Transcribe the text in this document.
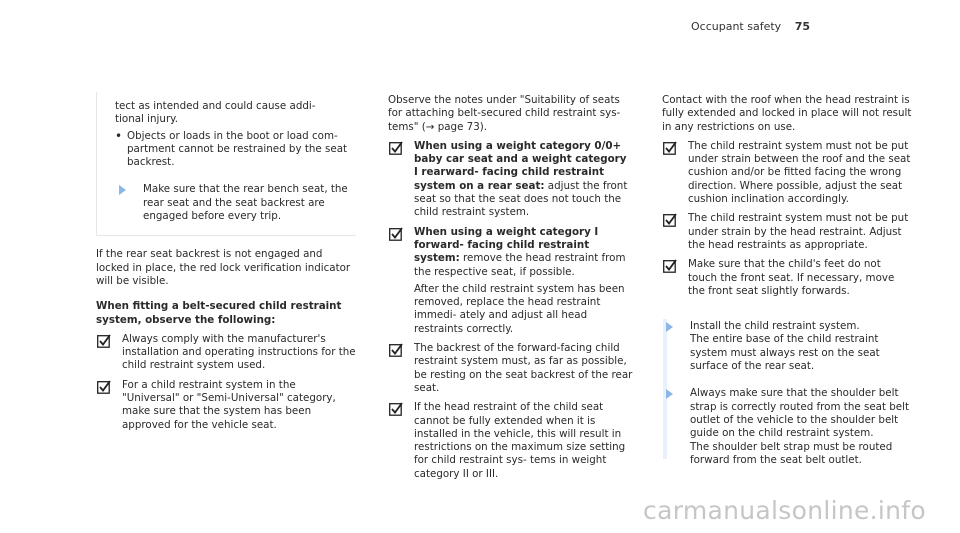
Occupant safety 75

tect as intended and could cause addi-

tional injury.

• Objects or loads in the boot or load com- partment cannot be restrained by the seat backrest.
Make sure that the rear bench seat, the rear seat and the seat backrest are engaged before every trip.

If the rear seat backrest is not engaged and locked in place, the red lock verification indicator will be visible.

When fitting a belt-secured child restraint system, observe the following:

Always comply with the manufacturer's installation and operating instructions for the child restraint system used.
For a child restraint system in the "Universal" or "Semi-Universal" category, make sure that the system has been approved for the vehicle seat.

Observe the notes under "Suitability of seats for attaching belt-secured child restraint sys- tems" (→ page 73).

When using a weight category 0/0+ baby car seat and a weight category I rearward- facing child restraint system on a rear seat: adjust the front seat so that the seat does not touch the child restraint system.
When using a weight category I forward- facing child restraint system: remove the head restraint from the respective seat, if possible.

After the child restraint system has been removed, replace the head restraint immedi- ately and adjust all head restraints correctly.

The backrest of the forward-facing child restraint system must, as far as possible, be resting on the seat backrest of the rear seat.
If the head restraint of the child seat cannot be fully extended when it is installed in the vehicle, this will result in restrictions on the maximum size setting for child restraint sys- tems in weight category II or III.

Contact with the roof when the head restraint is fully extended and locked in place will not result in any restrictions on use.

The child restraint system must not be put under strain between the roof and the seat cushion and/or be fitted facing the wrong direction. Where possible, adjust the seat cushion inclination accordingly.
The child restraint system must not be put under strain by the head restraint. Adjust the head restraints as appropriate.
Make sure that the child's feet do not touch the front seat. If necessary, move the front seat slightly forwards.

Install the child restraint system.

The entire base of the child restraint system must always rest on the seat surface of the rear seat.

Always make sure that the shoulder belt strap is correctly routed from the seat belt outlet of the vehicle to the shoulder belt guide on the child restraint system.

The shoulder belt strap must be routed forward from the seat belt outlet.

carmanualsonline.info
